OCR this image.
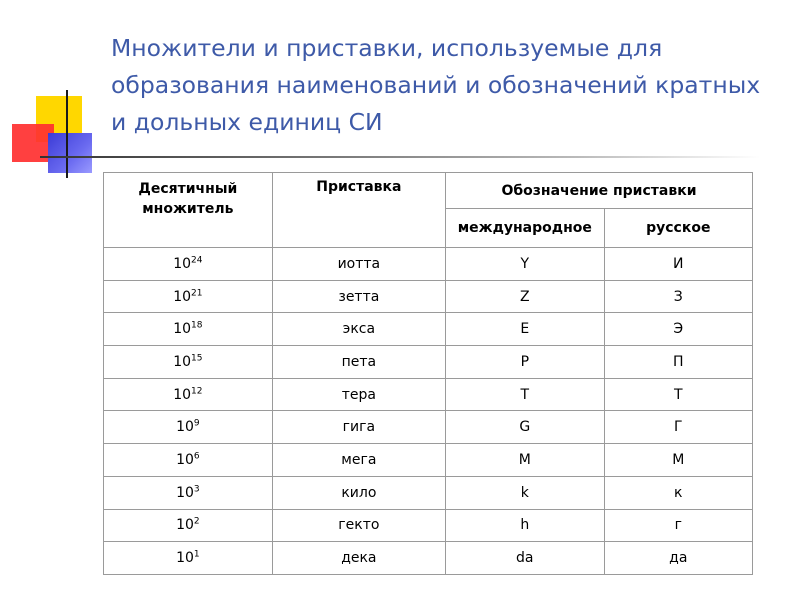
Множители и приставки, используемые для образования наименований и обозначений кратных и дольных единиц СИ
Десятичный множитель	Приставка	Обозначение приставки	
		международное	русское
$10^{24}$	иотта	Y	И
$10^{21}$	зетта	Z	З
$10^{18}$	экса	E	Э
$10^{15}$	пета	P	П
$10^{12}$	тера	T	Т
$10^9$	гига	G	Г
$10^6$	мега	M	М
$10^3$	кило	k	к
$10^2$	гекто	h	г
$10^1$	дека	da	да
